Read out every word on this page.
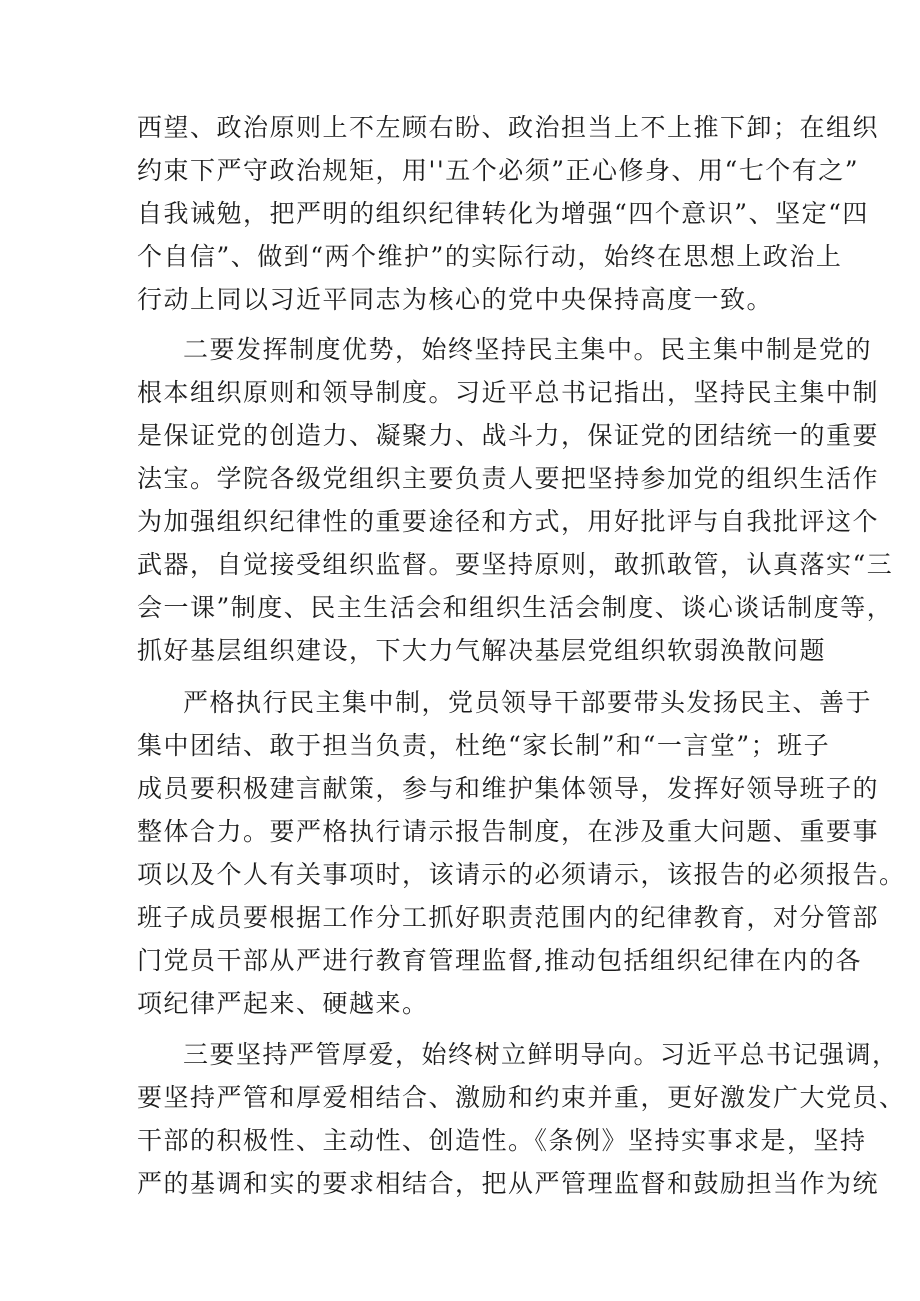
西望、政治原则上不左顾右盼、政治担当上不上推下卸；在组织

约束下严守政治规矩，用''五个必须”正心修身、用“七个有之”

自我诫勉，把严明的组织纪律转化为增强“四个意识”、坚定“四

个自信”、做到“两个维护”的实际行动，始终在思想上政治上

行动上同以习近平同志为核心的党中央保持高度一致。

二要发挥制度优势，始终坚持民主集中。民主集中制是党的

根本组织原则和领导制度。习近平总书记指出，坚持民主集中制

是保证党的创造力、凝聚力、战斗力，保证党的团结统一的重要

法宝。学院各级党组织主要负责人要把坚持参加党的组织生活作

为加强组织纪律性的重要途径和方式，用好批评与自我批评这个

武器，自觉接受组织监督。要坚持原则，敢抓敢管，认真落实“三

会一课”制度、民主生活会和组织生活会制度、谈心谈话制度等，

抓好基层组织建设，下大力气解决基层党组织软弱涣散问题

严格执行民主集中制，党员领导干部要带头发扬民主、善于

集中团结、敢于担当负责，杜绝“家长制”和“一言堂”；班子

成员要积极建言献策，参与和维护集体领导，发挥好领导班子的

整体合力。要严格执行请示报告制度，在涉及重大问题、重要事

项以及个人有关事项时，该请示的必须请示，该报告的必须报告。

班子成员要根据工作分工抓好职责范围内的纪律教育，对分管部

门党员干部从严进行教育管理监督,推动包括组织纪律在内的各

项纪律严起来、硬越来。

三要坚持严管厚爱，始终树立鲜明导向。习近平总书记强调，

要坚持严管和厚爱相结合、激励和约束并重，更好激发广大党员、

干部的积极性、主动性、创造性。《条例》坚持实事求是，坚持

严的基调和实的要求相结合，把从严管理监督和鼓励担当作为统
